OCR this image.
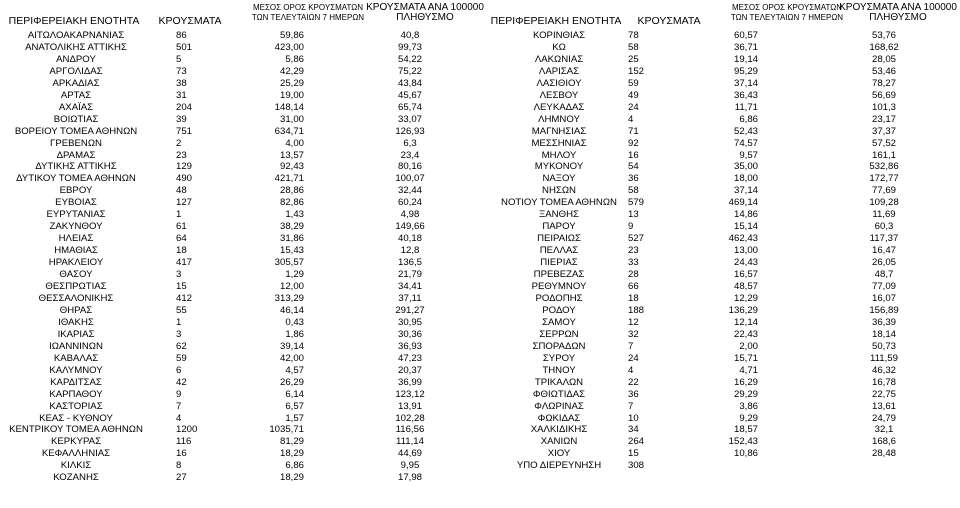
ΠΕΡΙΦΕΡΕΙΑΚΗ ΕΝΟΤΗΤΑ	ΚΡΟΥΣΜΑΤΑ
ΜΕΣΟΣ ΟΡΟΣ ΚΡΟΥΣΜΑΤΩΝ
ΤΩΝ ΤΕΛΕΥΤΑΙΩΝ 7 ΗΜΕΡΩΝ
ΚΡΟΥΣΜΑΤΑ ΑΝΑ 100000
ΠΛΗΘΥΣΜΟ
ΑΙΤΩΛΟΑΚΑΡΝΑΝΙΑΣ	86	59,86	40,8
ΑΝΑΤΟΛΙΚΗΣ ΑΤΤΙΚΗΣ	501	423,00	99,73
ΑΝΔΡΟΥ	5	5,86	54,22
ΑΡΓΟΛΙΔΑΣ	73	42,29	75,22
ΑΡΚΑΔΙΑΣ	38	25,29	43,84
ΑΡΤΑΣ	31	19,00	45,67
ΑΧΑΪΑΣ	204	148,14	65,74
ΒΟΙΩΤΙΑΣ	39	31,00	33,07
ΒΟΡΕΙΟΥ ΤΟΜΕΑ ΑΘΗΝΩΝ	751	634,71	126,93
ΓΡΕΒΕΝΩΝ	2	4,00	6,3
ΔΡΑΜΑΣ	23	13,57	23,4
ΔΥΤΙΚΗΣ ΑΤΤΙΚΗΣ	129	92,43	80,16
ΔΥΤΙΚΟΥ ΤΟΜΕΑ ΑΘΗΝΩΝ	490	421,71	100,07
ΕΒΡΟΥ	48	28,86	32,44
ΕΥΒΟΙΑΣ	127	82,86	60,24
ΕΥΡΥΤΑΝΙΑΣ	1	1,43	4,98
ΖΑΚΥΝΘΟΥ	61	38,29	149,66
ΗΛΕΙΑΣ	64	31,86	40,18
ΗΜΑΘΙΑΣ	18	15,43	12,8
ΗΡΑΚΛΕΙΟΥ	417	305,57	136,5
ΘΑΣΟΥ	3	1,29	21,79
ΘΕΣΠΡΩΤΙΑΣ	15	12,00	34,41
ΘΕΣΣΑΛΟΝΙΚΗΣ	412	313,29	37,11
ΘΗΡΑΣ	55	46,14	291,27
ΙΘΑΚΗΣ	1	0,43	30,95
ΙΚΑΡΙΑΣ	3	1,86	30,36
ΙΩΑΝΝΙΝΩΝ	62	39,14	36,93
ΚΑΒΑΛΑΣ	59	42,00	47,23
ΚΑΛΥΜΝΟΥ	6	4,57	20,37
ΚΑΡΔΙΤΣΑΣ	42	26,29	36,99
ΚΑΡΠΑΘΟΥ	9	6,14	123,12
ΚΑΣΤΟΡΙΑΣ	7	6,57	13,91
ΚΕΑΣ - ΚΥΘΝΟΥ	4	1,57	102,28
ΚΕΝΤΡΙΚΟΥ ΤΟΜΕΑ ΑΘΗΝΩΝ	1200	1035,71	116,56
ΚΕΡΚΥΡΑΣ	116	81,29	111,14
ΚΕΦΑΛΛΗΝΙΑΣ	16	18,29	44,69
ΚΙΛΚΙΣ	8	6,86	9,95
ΚΟΖΑΝΗΣ	27	18,29	17,98
ΠΕΡΙΦΕΡΕΙΑΚΗ ΕΝΟΤΗΤΑ	ΚΡΟΥΣΜΑΤΑ
ΜΕΣΟΣ ΟΡΟΣ ΚΡΟΥΣΜΑΤΩΝ
ΤΩΝ ΤΕΛΕΥΤΑΙΩΝ 7 ΗΜΕΡΩΝ
ΚΡΟΥΣΜΑΤΑ ΑΝΑ 100000
ΠΛΗΘΥΣΜΟ
ΚΟΡΙΝΘΙΑΣ	78	60,57	53,76
ΚΩ	58	36,71	168,62
ΛΑΚΩΝΙΑΣ	25	19,14	28,05
ΛΑΡΙΣΑΣ	152	95,29	53,46
ΛΑΣΙΘΙΟΥ	59	37,14	78,27
ΛΕΣΒΟΥ	49	36,43	56,69
ΛΕΥΚΑΔΑΣ	24	11,71	101,3
ΛΗΜΝΟΥ	4	6,86	23,17
ΜΑΓΝΗΣΙΑΣ	71	52,43	37,37
ΜΕΣΣΗΝΙΑΣ	92	74,57	57,52
ΜΗΛΟΥ	16	9,57	161,1
ΜΥΚΟΝΟΥ	54	35,00	532,86
ΝΑΞΟΥ	36	18,00	172,77
ΝΗΣΩΝ	58	37,14	77,69
ΝΟΤΙΟΥ ΤΟΜΕΑ ΑΘΗΝΩΝ	579	469,14	109,28
ΞΑΝΘΗΣ	13	14,86	11,69
ΠΑΡΟΥ	9	15,14	60,3
ΠΕΙΡΑΙΩΣ	527	462,43	117,37
ΠΕΛΛΑΣ	23	13,00	16,47
ΠΙΕΡΙΑΣ	33	24,43	26,05
ΠΡΕΒΕΖΑΣ	28	16,57	48,7
ΡΕΘΥΜΝΟΥ	66	48,57	77,09
ΡΟΔΟΠΗΣ	18	12,29	16,07
ΡΟΔΟΥ	188	136,29	156,89
ΣΑΜΟΥ	12	12,14	36,39
ΣΕΡΡΩΝ	32	22,43	18,14
ΣΠΟΡΑΔΩΝ	7	2,00	50,73
ΣΥΡΟΥ	24	15,71	111,59
ΤΗΝΟΥ	4	4,71	46,32
ΤΡΙΚΑΛΩΝ	22	16,29	16,78
ΦΘΙΩΤΙΔΑΣ	36	29,29	22,75
ΦΛΩΡΙΝΑΣ	7	3,86	13,61
ΦΩΚΙΔΑΣ	10	9,29	24,79
ΧΑΛΚΙΔΙΚΗΣ	34	18,57	32,1
ΧΑΝΙΩΝ	264	152,43	168,6
ΧΙΟΥ	15	10,86	28,48
ΥΠΟ ΔΙΕΡΕΥΝΗΣΗ	308
